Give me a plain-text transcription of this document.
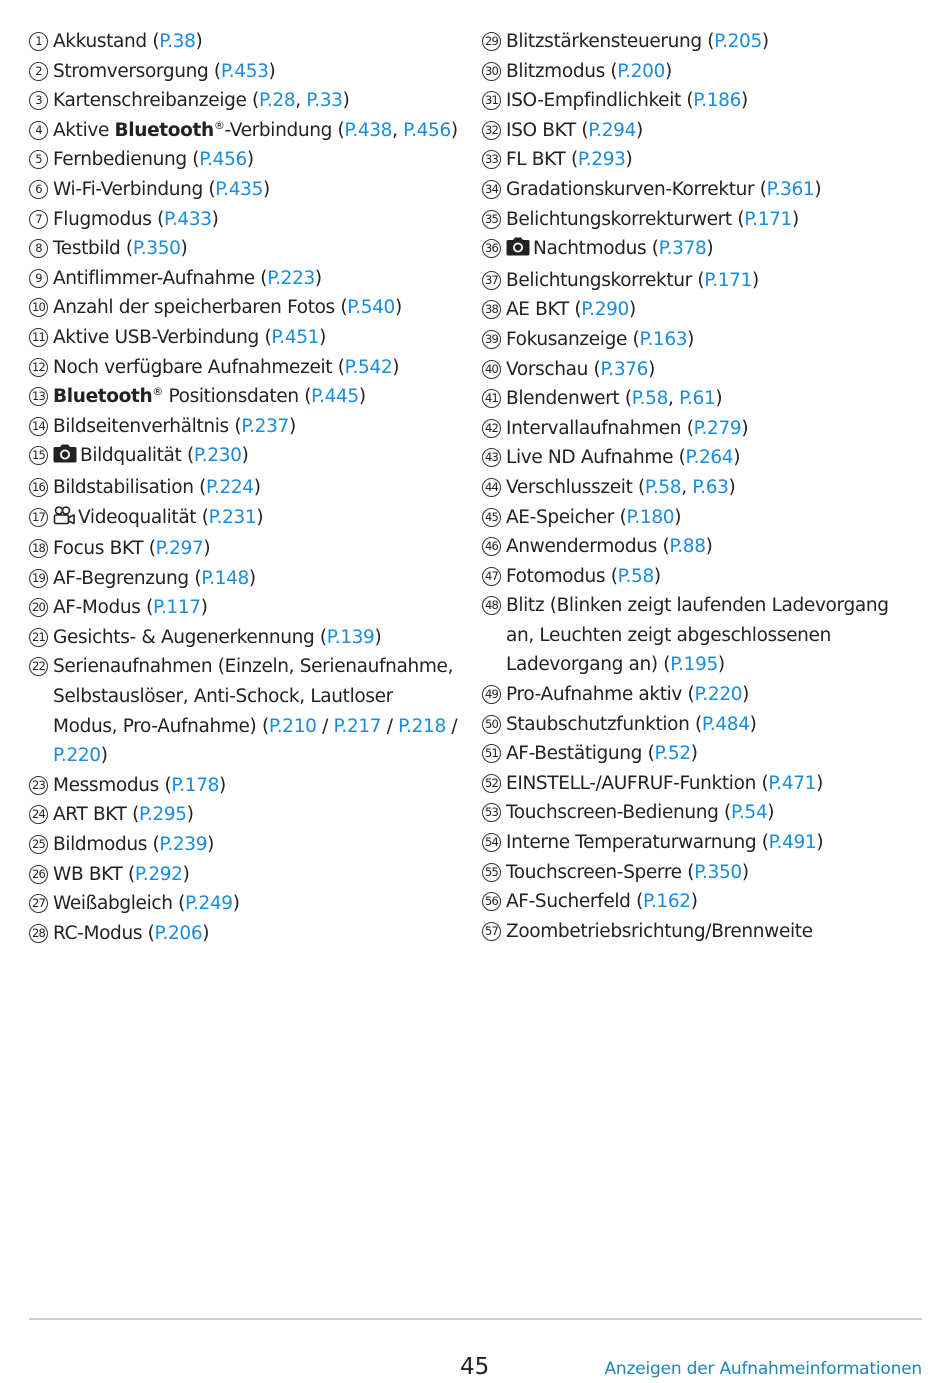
1 Akkustand (P.38)
2 Stromversorgung (P.453)
3 Kartenschreibanzeige (P.28, P.33)
4 Aktive Bluetooth®-Verbindung (P.438, P.456)
5 Fernbedienung (P.456)
6 Wi-Fi-Verbindung (P.435)
7 Flugmodus (P.433)
8 Testbild (P.350)
9 Antiflimmer-Aufnahme (P.223)
10 Anzahl der speicherbaren Fotos (P.540)
11 Aktive USB-Verbindung (P.451)
12 Noch verfügbare Aufnahmezeit (P.542)
13 Bluetooth® Positionsdaten (P.445)
14 Bildseitenverhältnis (P.237)
15 Bildqualität (P.230)
16 Bildstabilisation (P.224)
17 Videoqualität (P.231)
18 Focus BKT (P.297)
19 AF-Begrenzung (P.148)
20 AF-Modus (P.117)
21 Gesichts- & Augenerkennung (P.139)
22 Serienaufnahmen (Einzeln, Serienaufnahme, Selbstauslöser, Anti-Schock, Lautloser Modus, Pro-Aufnahme) (P.210 / P.217 / P.218 / P.220)
23 Messmodus (P.178)
24 ART BKT (P.295)
25 Bildmodus (P.239)
26 WB BKT (P.292)
27 Weißabgleich (P.249)
28 RC-Modus (P.206)
29 Blitzstärkensteuerung (P.205)
30 Blitzmodus (P.200)
31 ISO-Empfindlichkeit (P.186)
32 ISO BKT (P.294)
33 FL BKT (P.293)
34 Gradationskurven-Korrektur (P.361)
35 Belichtungskorrekturwert (P.171)
36 Nachtmodus (P.378)
37 Belichtungskorrektur (P.171)
38 AE BKT (P.290)
39 Fokusanzeige (P.163)
40 Vorschau (P.376)
41 Blendenwert (P.58, P.61)
42 Intervallaufnahmen (P.279)
43 Live ND Aufnahme (P.264)
44 Verschlusszeit (P.58, P.63)
45 AE-Speicher (P.180)
46 Anwendermodus (P.88)
47 Fotomodus (P.58)
48 Blitz (Blinken zeigt laufenden Ladevorgang an, Leuchten zeigt abgeschlossenen Ladevorgang an) (P.195)
49 Pro-Aufnahme aktiv (P.220)
50 Staubschutzfunktion (P.484)
51 AF-Bestätigung (P.52)
52 EINSTELL-/AUFRUF-Funktion (P.471)
53 Touchscreen-Bedienung (P.54)
54 Interne Temperaturwarnung (P.491)
55 Touchscreen-Sperre (P.350)
56 AF-Sucherfeld (P.162)
57 Zoombetriebsrichtung/Brennweite
45	Anzeigen der Aufnahmeinformationen
